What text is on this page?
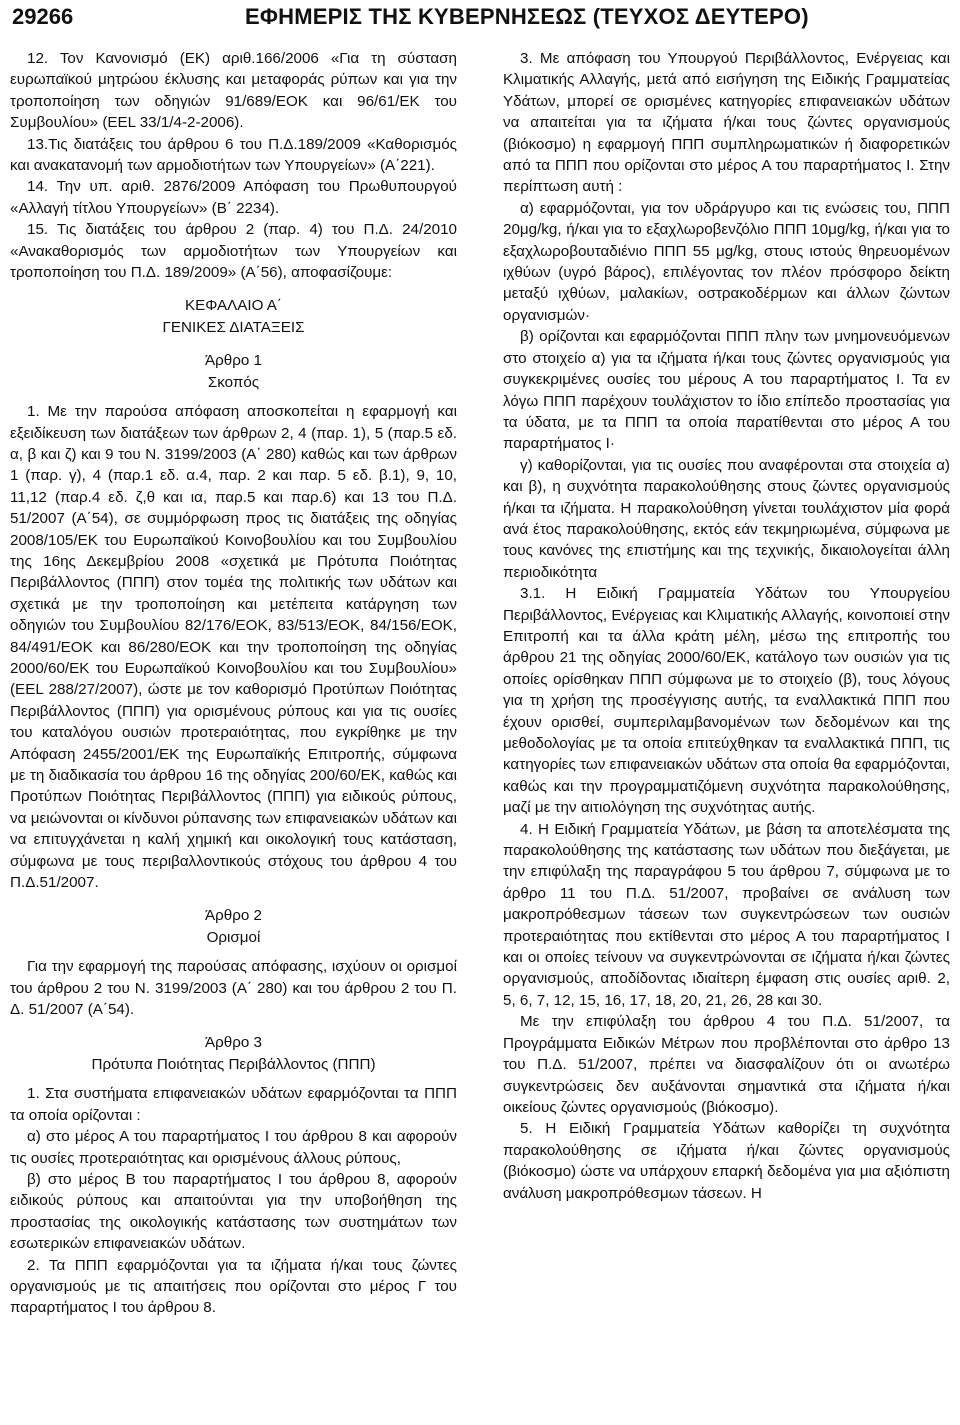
29266	ΕΦΗΜΕΡΙΣ ΤΗΣ ΚΥΒΕΡΝΗΣΕΩΣ (ΤΕΥΧΟΣ ΔΕΥΤΕΡΟ)

12. Τον Κανονισμό (ΕΚ) αριθ.166/2006 «Για τη σύσταση ευρωπαϊκού μητρώου έκλυσης και μεταφοράς ρύπων και για την τροποποίηση των οδηγιών 91/689/ΕΟΚ και 96/61/ΕΚ του Συμβουλίου» (ΕΕL 33/1/4-2-2006).

13.Τις διατάξεις του άρθρου 6 του Π.Δ.189/2009 «Καθορισμός και ανακατανομή των αρμοδιοτήτων των Υπουργείων» (Α΄221).

14. Την υπ. αριθ. 2876/2009 Απόφαση του Πρωθυπουργού «Αλλαγή τίτλου Υπουργείων» (Β΄ 2234).

15. Τις διατάξεις του άρθρου 2 (παρ. 4) του Π.Δ. 24/2010 «Ανακαθορισμός των αρμοδιοτήτων των Υπουργείων και τροποποίηση του Π.Δ. 189/2009» (Α΄56), αποφασίζουμε:

ΚΕΦΑΛΑΙΟ Α΄

ΓΕΝΙΚΕΣ ΔΙΑΤΑΞΕΙΣ

Άρθρο 1

Σκοπός

1. Με την παρούσα απόφαση αποσκοπείται η εφαρμογή και εξειδίκευση των διατάξεων των άρθρων 2, 4 (παρ. 1), 5 (παρ.5 εδ. α, β και ζ) και 9 του Ν. 3199/2003 (Α΄ 280) καθώς και των άρθρων 1 (παρ. γ), 4 (παρ.1 εδ. α.4, παρ. 2 και παρ. 5 εδ. β.1), 9, 10, 11,12 (παρ.4 εδ. ζ,θ και ια, παρ.5 και παρ.6) και 13 του Π.Δ. 51/2007 (Α΄54), σε συμμόρφωση προς τις διατάξεις της οδηγίας 2008/105/ΕΚ του Ευρωπαϊκού Κοινοβουλίου και του Συμβουλίου της 16ης Δεκεμβρίου 2008 «σχετικά με Πρότυπα Ποιότητας Περιβάλλοντος (ΠΠΠ) στον τομέα της πολιτικής των υδάτων και σχετικά με την τροποποίηση και μετέπειτα κατάργηση των οδηγιών του Συμβουλίου 82/176/ΕΟΚ, 83/513/ΕΟΚ, 84/156/ΕΟΚ, 84/491/ΕΟΚ και 86/280/ΕΟΚ και την τροποποίηση της οδηγίας 2000/60/ΕΚ του Ευρωπαϊκού Κοινοβουλίου και του Συμβουλίου» (ΕΕL 288/27/2007), ώστε με τον καθορισμό Προτύπων Ποιότητας Περιβάλλοντος (ΠΠΠ) για ορισμένους ρύπους και για τις ουσίες του καταλόγου ουσιών προτεραιότητας, που εγκρίθηκε με την Απόφαση 2455/2001/ΕΚ της Ευρωπαϊκής Επιτροπής, σύμφωνα με τη διαδικασία του άρθρου 16 της οδηγίας 200/60/ΕΚ, καθώς και Προτύπων Ποιότητας Περιβάλλοντος (ΠΠΠ) για ειδικούς ρύπους, να μειώνονται οι κίνδυνοι ρύπανσης των επιφανειακών υδάτων και να επιτυγχάνεται η καλή χημική και οικολογική τους κατάσταση, σύμφωνα με τους περιβαλλοντικούς στόχους του άρθρου 4 του Π.Δ.51/2007.

Άρθρο 2

Ορισμοί

Για την εφαρμογή της παρούσας απόφασης, ισχύουν οι ορισμοί του άρθρου 2 του Ν. 3199/2003 (Α΄ 280) και του άρθρου 2 του Π. Δ. 51/2007 (Α΄54).

Άρθρο 3

Πρότυπα Ποιότητας Περιβάλλοντος (ΠΠΠ)

1. Στα συστήματα επιφανειακών υδάτων εφαρμόζονται τα ΠΠΠ τα οποία ορίζονται :

α) στο μέρος Α του παραρτήματος Ι του άρθρου 8 και αφορούν τις ουσίες προτεραιότητας και ορισμένους άλλους ρύπους,

β) στο μέρος Β του παραρτήματος Ι του άρθρου 8, αφορούν ειδικούς ρύπους και απαιτούνται για την υποβοήθηση της προστασίας της οικολογικής κατάστασης των συστημάτων των εσωτερικών επιφανειακών υδάτων.

2. Τα ΠΠΠ εφαρμόζονται για τα ιζήματα ή/και τους ζώντες οργανισμούς με τις απαιτήσεις που ορίζονται στο μέρος Γ του παραρτήματος Ι του άρθρου 8.

3. Με απόφαση του Υπουργού Περιβάλλοντος, Ενέργειας και Κλιματικής Αλλαγής, μετά από εισήγηση της Ειδικής Γραμματείας Υδάτων, μπορεί σε ορισμένες κατηγορίες επιφανειακών υδάτων να απαιτείται για τα ιζήματα ή/και τους ζώντες οργανισμούς (βιόκοσμο) η εφαρμογή ΠΠΠ συμπληρωματικών ή διαφορετικών από τα ΠΠΠ που ορίζονται στο μέρος Α του παραρτήματος Ι. Στην περίπτωση αυτή :

α) εφαρμόζονται, για τον υδράργυρο και τις ενώσεις του, ΠΠΠ 20μg/kg, ή/και για το εξαχλωροβενζόλιο ΠΠΠ 10μg/kg, ή/και για το εξαχλωροβουταδιένιο ΠΠΠ 55 μg/kg, στους ιστούς θηρευομένων ιχθύων (υγρό βάρος), επιλέγοντας τον πλέον πρόσφορο δείκτη μεταξύ ιχθύων, μαλακίων, οστρακοδέρμων και άλλων ζώντων οργανισμών·

β) ορίζονται και εφαρμόζονται ΠΠΠ πλην των μνημονευόμενων στο στοιχείο α) για τα ιζήματα ή/και τους ζώντες οργανισμούς για συγκεκριμένες ουσίες του μέρους Α του παραρτήματος Ι. Τα εν λόγω ΠΠΠ παρέχουν τουλάχιστον το ίδιο επίπεδο προστασίας για τα ύδατα, με τα ΠΠΠ τα οποία παρατίθενται στο μέρος Α του παραρτήματος Ι·

γ) καθορίζονται, για τις ουσίες που αναφέρονται στα στοιχεία α) και β), η συχνότητα παρακολούθησης στους ζώντες οργανισμούς ή/και τα ιζήματα. Η παρακολούθηση γίνεται τουλάχιστον μία φορά ανά έτος παρακολούθησης, εκτός εάν τεκμηριωμένα, σύμφωνα με τους κανόνες της επιστήμης και της τεχνικής, δικαιολογείται άλλη περιοδικότητα

3.1. Η Ειδική Γραμματεία Υδάτων του Υπουργείου Περιβάλλοντος, Ενέργειας και Κλιματικής Αλλαγής, κοινοποιεί στην Επιτροπή και τα άλλα κράτη μέλη, μέσω της επιτροπής του άρθρου 21 της οδηγίας 2000/60/ΕΚ, κατάλογο των ουσιών για τις οποίες ορίσθηκαν ΠΠΠ σύμφωνα με το στοιχείο (β), τους λόγους για τη χρήση της προσέγγισης αυτής, τα εναλλακτικά ΠΠΠ που έχουν ορισθεί, συμπεριλαμβανομένων των δεδομένων και της μεθοδολογίας με τα οποία επιτεύχθηκαν τα εναλλακτικά ΠΠΠ, τις κατηγορίες των επιφανειακών υδάτων στα οποία θα εφαρμόζονται, καθώς και την προγραμματιζόμενη συχνότητα παρακολούθησης, μαζί με την αιτιολόγηση της συχνότητας αυτής.

4. Η Ειδική Γραμματεία Υδάτων, με βάση τα αποτελέσματα της παρακολούθησης της κατάστασης των υδάτων που διεξάγεται, με την επιφύλαξη της παραγράφου 5 του άρθρου 7, σύμφωνα με το άρθρο 11 του Π.Δ. 51/2007, προβαίνει σε ανάλυση των μακροπρόθεσμων τάσεων των συγκεντρώσεων των ουσιών προτεραιότητας που εκτίθενται στο μέρος Α του παραρτήματος Ι και οι οποίες τείνουν να συγκεντρώνονται σε ιζήματα ή/και ζώντες οργανισμούς, αποδίδοντας ιδιαίτερη έμφαση στις ουσίες αριθ. 2, 5, 6, 7, 12, 15, 16, 17, 18, 20, 21, 26, 28 και 30.

Με την επιφύλαξη του άρθρου 4 του Π.Δ. 51/2007, τα Προγράμματα Ειδικών Μέτρων που προβλέπονται στο άρθρο 13 του Π.Δ. 51/2007, πρέπει να διασφαλίζουν ότι οι ανωτέρω συγκεντρώσεις δεν αυξάνονται σημαντικά στα ιζήματα ή/και οικείους ζώντες οργανισμούς (βιόκοσμο).

5. Η Ειδική Γραμματεία Υδάτων καθορίζει τη συχνότητα παρακολούθησης σε ιζήματα ή/και ζώντες οργανισμούς (βιόκοσμο) ώστε να υπάρχουν επαρκή δεδομένα για μια αξιόπιστη ανάλυση μακροπρόθεσμων τάσεων. Η
